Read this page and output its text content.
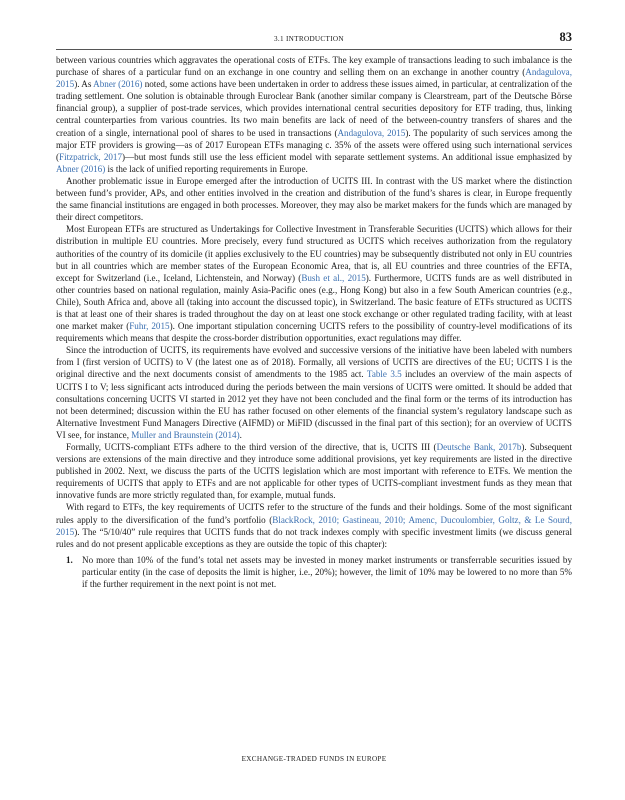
3.1 INTRODUCTION	83

between various countries which aggravates the operational costs of ETFs. The key example of transactions leading to such imbalance is the purchase of shares of a particular fund on an exchange in one country and selling them on an exchange in another country (Andagulova, 2015). As Abner (2016) noted, some actions have been undertaken in order to address these issues aimed, in particular, at centralization of the trading settlement. One solution is obtainable through Euroclear Bank (another similar company is Clearstream, part of the Deutsche Börse financial group), a supplier of post-trade services, which provides international central securities depository for ETF trading, thus, linking central counterparties from various countries. Its two main benefits are lack of need of the between-country transfers of shares and the creation of a single, international pool of shares to be used in transactions (Andagulova, 2015). The popularity of such services among the major ETF providers is growing—as of 2017 European ETFs managing c. 35% of the assets were offered using such international services (Fitzpatrick, 2017)—but most funds still use the less efficient model with separate settlement systems. An additional issue emphasized by Abner (2016) is the lack of unified reporting requirements in Europe.

Another problematic issue in Europe emerged after the introduction of UCITS III. In contrast with the US market where the distinction between fund’s provider, APs, and other entities involved in the creation and distribution of the fund’s shares is clear, in Europe frequently the same financial institutions are engaged in both processes. Moreover, they may also be market makers for the funds which are managed by their direct competitors.

Most European ETFs are structured as Undertakings for Collective Investment in Transferable Securities (UCITS) which allows for their distribution in multiple EU countries. More precisely, every fund structured as UCITS which receives authorization from the regulatory authorities of the country of its domicile (it applies exclusively to the EU countries) may be subsequently distributed not only in EU countries but in all countries which are member states of the European Economic Area, that is, all EU countries and three countries of the EFTA, except for Switzerland (i.e., Iceland, Lichtenstein, and Norway) (Bush et al., 2015). Furthermore, UCITS funds are as well distributed in other countries based on national regulation, mainly Asia-Pacific ones (e.g., Hong Kong) but also in a few South American countries (e.g., Chile), South Africa and, above all (taking into account the discussed topic), in Switzerland. The basic feature of ETFs structured as UCITS is that at least one of their shares is traded throughout the day on at least one stock exchange or other regulated trading facility, with at least one market maker (Fuhr, 2015). One important stipulation concerning UCITS refers to the possibility of country-level modifications of its requirements which means that despite the cross-border distribution opportunities, exact regulations may differ.

Since the introduction of UCITS, its requirements have evolved and successive versions of the initiative have been labeled with numbers from I (first version of UCITS) to V (the latest one as of 2018). Formally, all versions of UCITS are directives of the EU; UCITS I is the original directive and the next documents consist of amendments to the 1985 act. Table 3.5 includes an overview of the main aspects of UCITS I to V; less significant acts introduced during the periods between the main versions of UCITS were omitted. It should be added that consultations concerning UCITS VI started in 2012 yet they have not been concluded and the final form or the terms of its introduction has not been determined; discussion within the EU has rather focused on other elements of the financial system’s regulatory landscape such as Alternative Investment Fund Managers Directive (AIFMD) or MiFID (discussed in the final part of this section); for an overview of UCITS VI see, for instance, Muller and Braunstein (2014).

Formally, UCITS-compliant ETFs adhere to the third version of the directive, that is, UCITS III (Deutsche Bank, 2017b). Subsequent versions are extensions of the main directive and they introduce some additional provisions, yet key requirements are listed in the directive published in 2002. Next, we discuss the parts of the UCITS legislation which are most important with reference to ETFs. We mention the requirements of UCITS that apply to ETFs and are not applicable for other types of UCITS-compliant investment funds as they mean that innovative funds are more strictly regulated than, for example, mutual funds.

With regard to ETFs, the key requirements of UCITS refer to the structure of the funds and their holdings. Some of the most significant rules apply to the diversification of the fund’s portfolio (BlackRock, 2010; Gastineau, 2010; Amenc, Ducoulombier, Goltz, & Le Sourd, 2015). The “5/10/40” rule requires that UCITS funds that do not track indexes comply with specific investment limits (we discuss general rules and do not present applicable exceptions as they are outside the topic of this chapter):

1. No more than 10% of the fund’s total net assets may be invested in money market instruments or transferrable securities issued by particular entity (in the case of deposits the limit is higher, i.e., 20%); however, the limit of 10% may be lowered to no more than 5% if the further requirement in the next point is not met.
EXCHANGE-TRADED FUNDS IN EUROPE
